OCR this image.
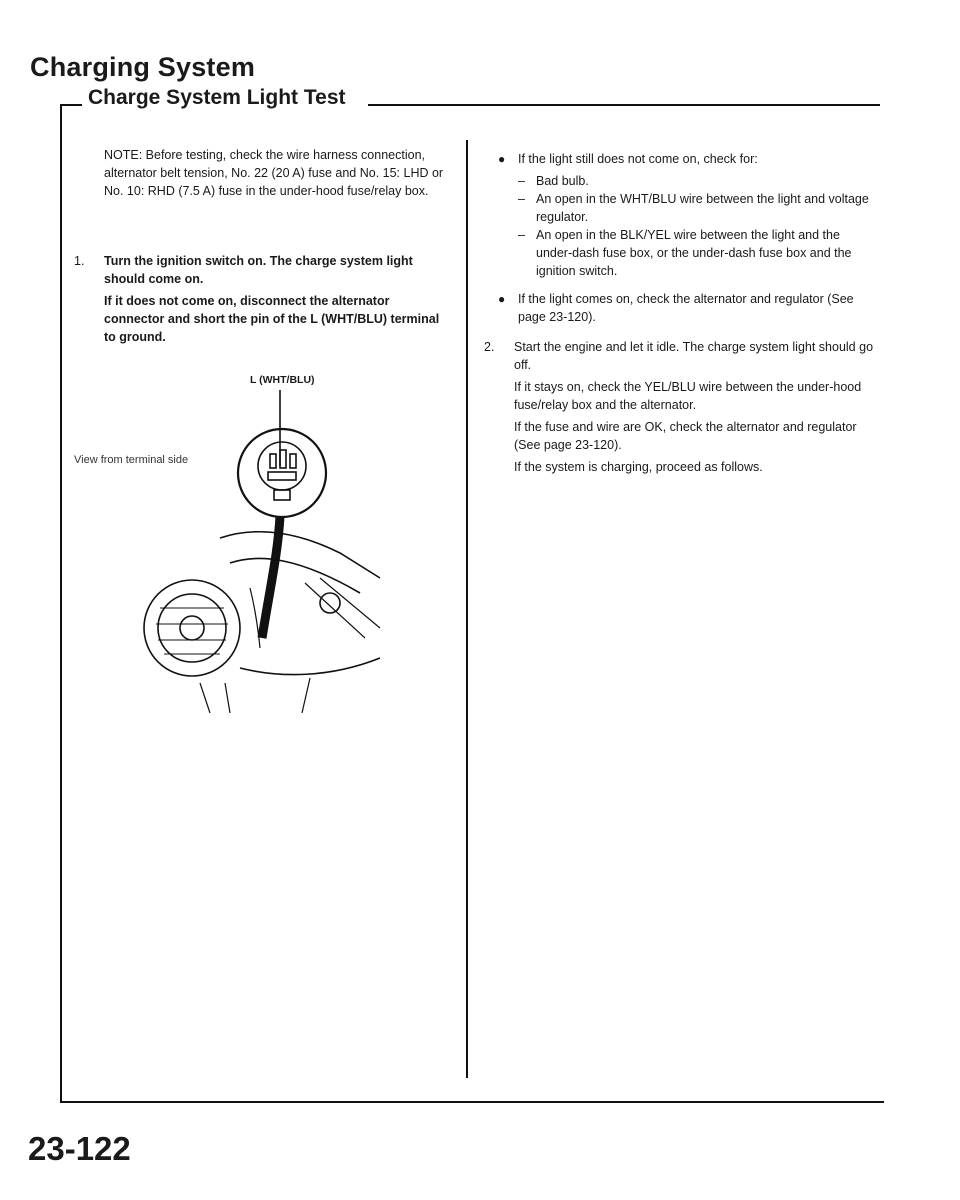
Charging System
Charge System Light Test

NOTE: Before testing, check the wire harness connection, alternator belt tension, No. 22 (20 A) fuse and No. 15: LHD or No. 10: RHD (7.5 A) fuse in the under-hood fuse/relay box.

1.	Turn the ignition switch on. The charge system light should come on.

If it does not come on, disconnect the alternator connector and short the pin of the L (WHT/BLU) terminal to ground.

L (WHT/BLU)
View from terminal side
●	If the light still does not come on, check for:

– Bad bulb.
– An open in the WHT/BLU wire between the light and voltage regulator.
– An open in the BLK/YEL wire between the light and the under-dash fuse box, or the under-dash fuse box and the ignition switch.
●	If the light comes on, check the alternator and regulator (See page 23-120).

2.	Start the engine and let it idle. The charge system light should go off.

If it stays on, check the YEL/BLU wire between the under-hood fuse/relay box and the alternator.

If the fuse and wire are OK, check the alternator and regulator (See page 23-120).

If the system is charging, proceed as follows.

23-122
